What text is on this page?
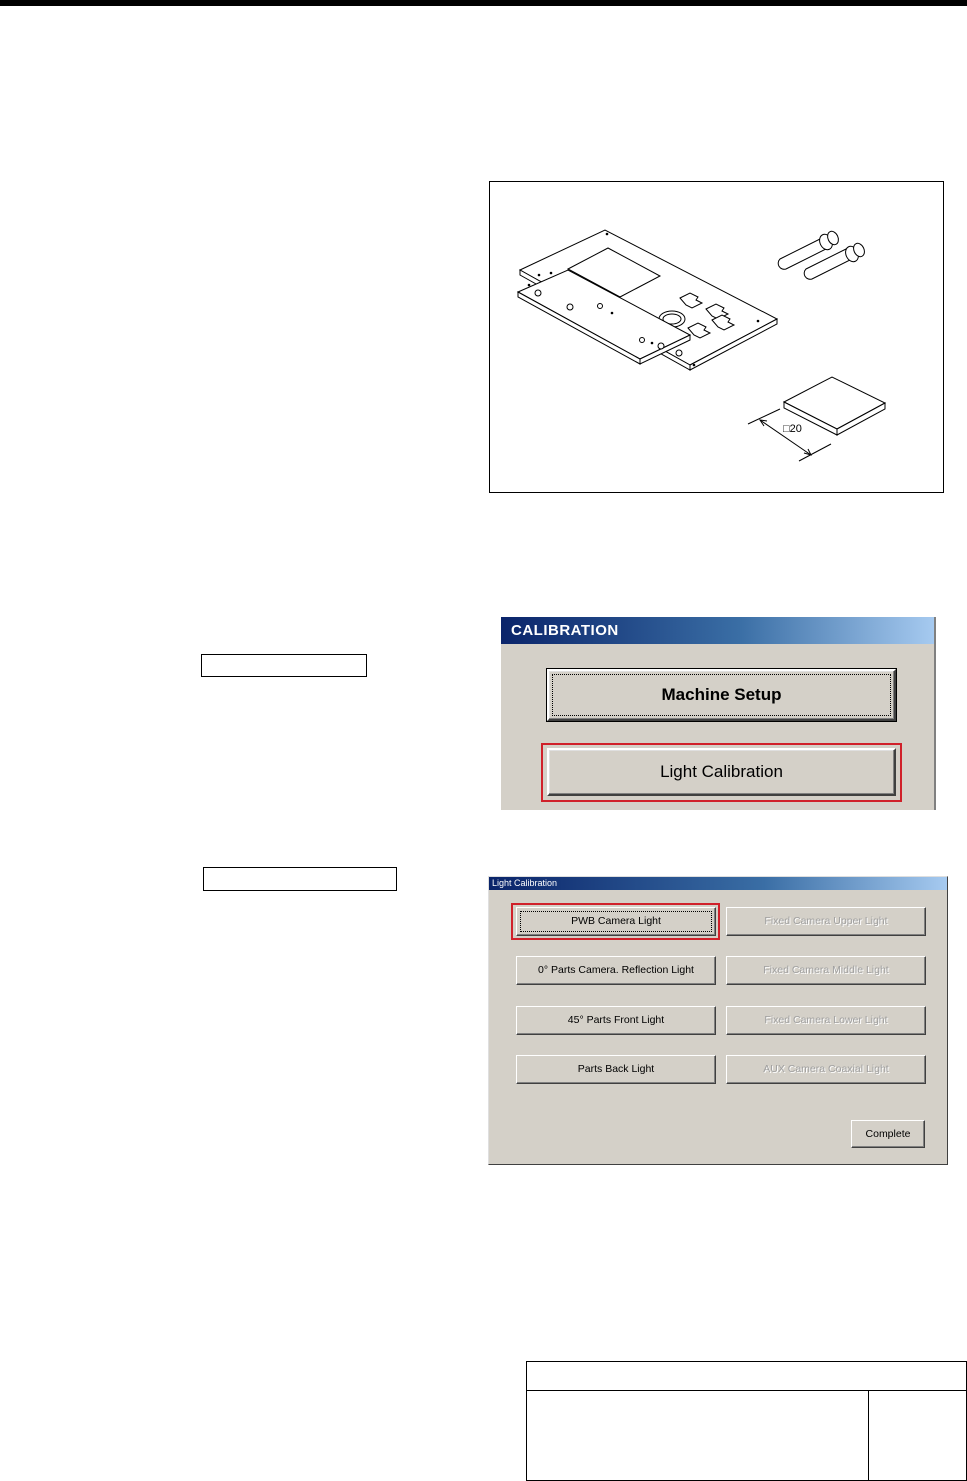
□20
CALIBRATION
Machine Setup
Light Calibration
Light Calibration
PWB Camera Light
0° Parts Camera. Reflection Light
45° Parts Front Light
Parts Back Light
Fixed Camera Upper Light
Fixed Camera Middle Light
Fixed Camera Lower Light
AUX Camera Coaxial Light
Complete
